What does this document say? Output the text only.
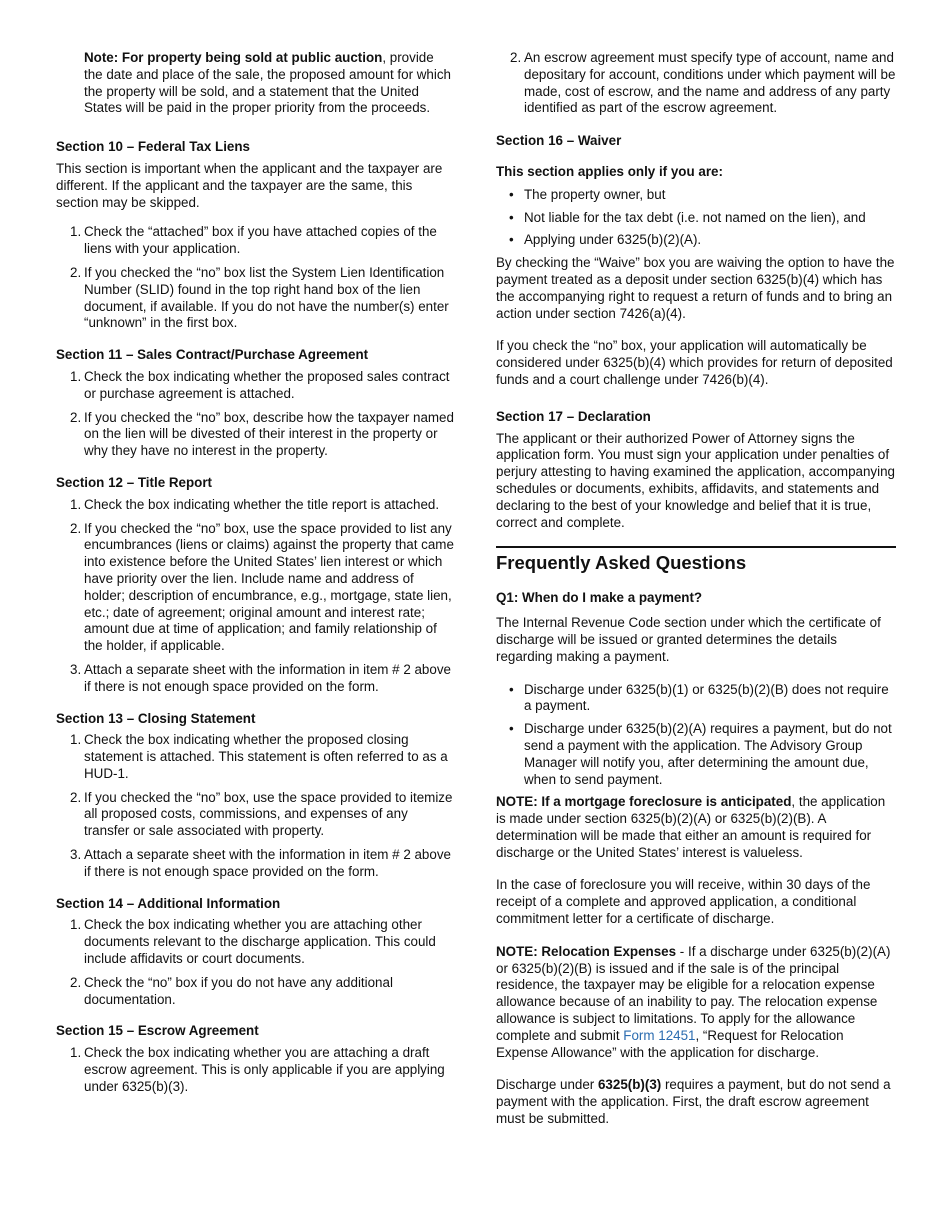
Note: For property being sold at public auction, provide the date and place of the sale, the proposed amount for which the property will be sold, and a statement that the United States will be paid in the proper priority from the proceeds.

Section 10 – Federal Tax Liens

This section is important when the applicant and the taxpayer are different. If the applicant and the taxpayer are the same, this section may be skipped.

1. Check the “attached” box if you have attached copies of the liens with your application.
2. If you checked the “no” box list the System Lien Identification Number (SLID) found in the top right hand box of the lien document, if available. If you do not have the number(s) enter “unknown” in the first box.
Section 11 – Sales Contract/Purchase Agreement
1. Check the box indicating whether the proposed sales contract or purchase agreement is attached.
2. If you checked the “no” box, describe how the taxpayer named on the lien will be divested of their interest in the property or why they have no interest in the property.
Section 12 – Title Report
1. Check the box indicating whether the title report is attached.
2. If you checked the “no” box, use the space provided to list any encumbrances (liens or claims) against the property that came into existence before the United States’ lien interest or which have priority over the lien. Include name and address of holder; description of encumbrance, e.g., mortgage, state lien, etc.; date of agreement; original amount and interest rate; amount due at time of application; and family relationship of the holder, if applicable.
3. Attach a separate sheet with the information in item # 2 above if there is not enough space provided on the form.
Section 13 – Closing Statement
1. Check the box indicating whether the proposed closing statement is attached. This statement is often referred to as a HUD-1.
2. If you checked the “no” box, use the space provided to itemize all proposed costs, commissions, and expenses of any transfer or sale associated with property.
3. Attach a separate sheet with the information in item # 2 above if there is not enough space provided on the form.
Section 14 – Additional Information
1. Check the box indicating whether you are attaching other documents relevant to the discharge application. This could include affidavits or court documents.
2. Check the “no” box if you do not have any additional documentation.
Section 15 – Escrow Agreement
1. Check the box indicating whether you are attaching a draft escrow agreement. This is only applicable if you are applying under 6325(b)(3).
2. An escrow agreement must specify type of account, name and depositary for account, conditions under which payment will be made, cost of escrow, and the name and address of any party identified as part of the escrow agreement.
Section 16 – Waiver

This section applies only if you are:

• The property owner, but
• Not liable for the tax debt (i.e. not named on the lien), and
• Applying under 6325(b)(2)(A).

By checking the “Waive” box you are waiving the option to have the payment treated as a deposit under section 6325(b)(4) which has the accompanying right to request a return of funds and to bring an action under section 7426(a)(4).

If you check the “no” box, your application will automatically be considered under 6325(b)(4) which provides for return of deposited funds and a court challenge under 7426(b)(4).

Section 17 – Declaration

The applicant or their authorized Power of Attorney signs the application form. You must sign your application under penalties of perjury attesting to having examined the application, accompanying schedules or documents, exhibits, affidavits, and statements and declaring to the best of your knowledge and belief that it is true, correct and complete.

Frequently Asked Questions
Q1: When do I make a payment?

The Internal Revenue Code section under which the certificate of discharge will be issued or granted determines the details regarding making a payment.

• Discharge under 6325(b)(1) or 6325(b)(2)(B) does not require a payment.
• Discharge under 6325(b)(2)(A) requires a payment, but do not send a payment with the application. The Advisory Group Manager will notify you, after determining the amount due, when to send payment.

NOTE: If a mortgage foreclosure is anticipated, the application is made under section 6325(b)(2)(A) or 6325(b)(2)(B). A determination will be made that either an amount is required for discharge or the United States’ interest is valueless.

In the case of foreclosure you will receive, within 30 days of the receipt of a complete and approved application, a conditional commitment letter for a certificate of discharge.

NOTE: Relocation Expenses - If a discharge under 6325(b)(2)(A) or 6325(b)(2)(B) is issued and if the sale is of the principal residence, the taxpayer may be eligible for a relocation expense allowance because of an inability to pay. The relocation expense allowance is subject to limitations. To apply for the allowance complete and submit Form 12451, “Request for Relocation Expense Allowance” with the application for discharge.

Discharge under 6325(b)(3) requires a payment, but do not send a payment with the application. First, the draft escrow agreement must be submitted.
